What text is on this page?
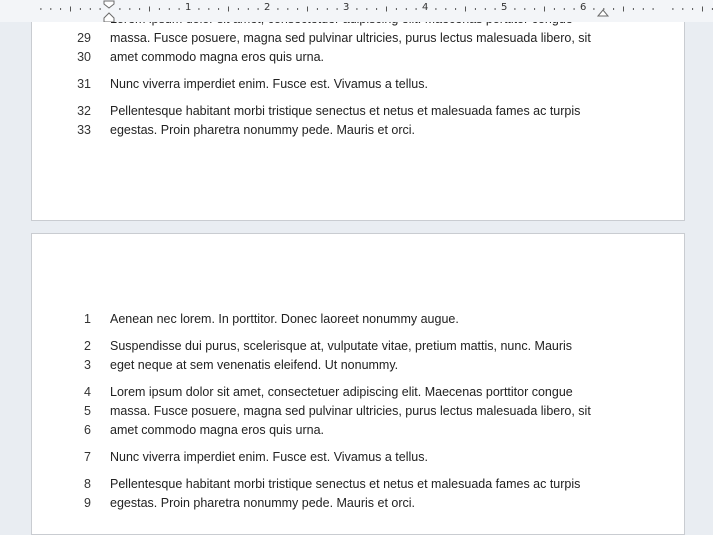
1	2	3	4	5	6
29 massa. Fusce posuere, magna sed pulvinar ultricies, purus lectus malesuada libero, sit
30 amet commodo magna eros quis urna.
31 Nunc viverra imperdiet enim. Fusce est. Vivamus a tellus.
32 Pellentesque habitant morbi tristique senectus et netus et malesuada fames ac turpis
33 egestas. Proin pharetra nonummy pede. Mauris et orci.
1 Aenean nec lorem. In porttitor. Donec laoreet nonummy augue.
2 Suspendisse dui purus, scelerisque at, vulputate vitae, pretium mattis, nunc. Mauris
3 eget neque at sem venenatis eleifend. Ut nonummy.
4 Lorem ipsum dolor sit amet, consectetuer adipiscing elit. Maecenas porttitor congue
5 massa. Fusce posuere, magna sed pulvinar ultricies, purus lectus malesuada libero, sit
6 amet commodo magna eros quis urna.
7 Nunc viverra imperdiet enim. Fusce est. Vivamus a tellus.
8 Pellentesque habitant morbi tristique senectus et netus et malesuada fames ac turpis
9 egestas. Proin pharetra nonummy pede. Mauris et orci.
